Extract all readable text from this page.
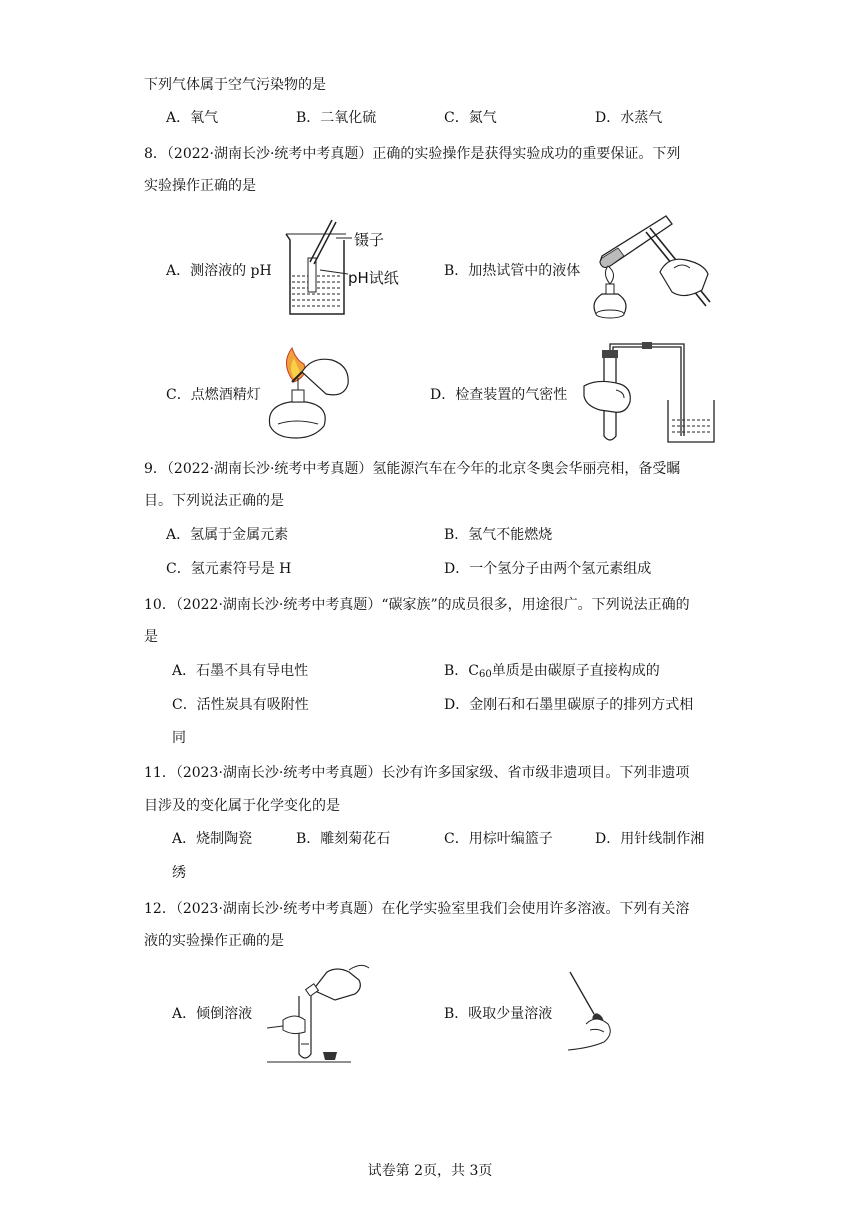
下列气体属于空气污染物的是
A．氧气	B．二氧化硫	C．氮气	D．水蒸气
8．（2022·湖南长沙·统考中考真题）正确的实验操作是获得实验成功的重要保证。下列
实验操作正确的是
A．测溶液的 pH
镊子
pH试纸	B．加热试管中的液体
C．点燃酒精灯	D．检查装置的气密性
9．（2022·湖南长沙·统考中考真题）氢能源汽车在今年的北京冬奥会华丽亮相，备受瞩
目。下列说法正确的是
A．氢属于金属元素	B．氢气不能燃烧
C．氢元素符号是 H	D．一个氢分子由两个氢元素组成
10．（2022·湖南长沙·统考中考真题）“碳家族”的成员很多，用途很广。下列说法正确的
是
A．石墨不具有导电性	B．$C_{60}$单质是由碳原子直接构成的
C．活性炭具有吸附性	D．金刚石和石墨里碳原子的排列方式相
同
11．（2023·湖南长沙·统考中考真题）长沙有许多国家级、省市级非遗项目。下列非遗项
目涉及的变化属于化学变化的是
A．烧制陶瓷	B．雕刻菊花石	C．用棕叶编篮子	D．用针线制作湘
绣
12．（2023·湖南长沙·统考中考真题）在化学实验室里我们会使用许多溶液。下列有关溶
液的实验操作正确的是
A．倾倒溶液	B．吸取少量溶液
试卷第 2页，共 3页
